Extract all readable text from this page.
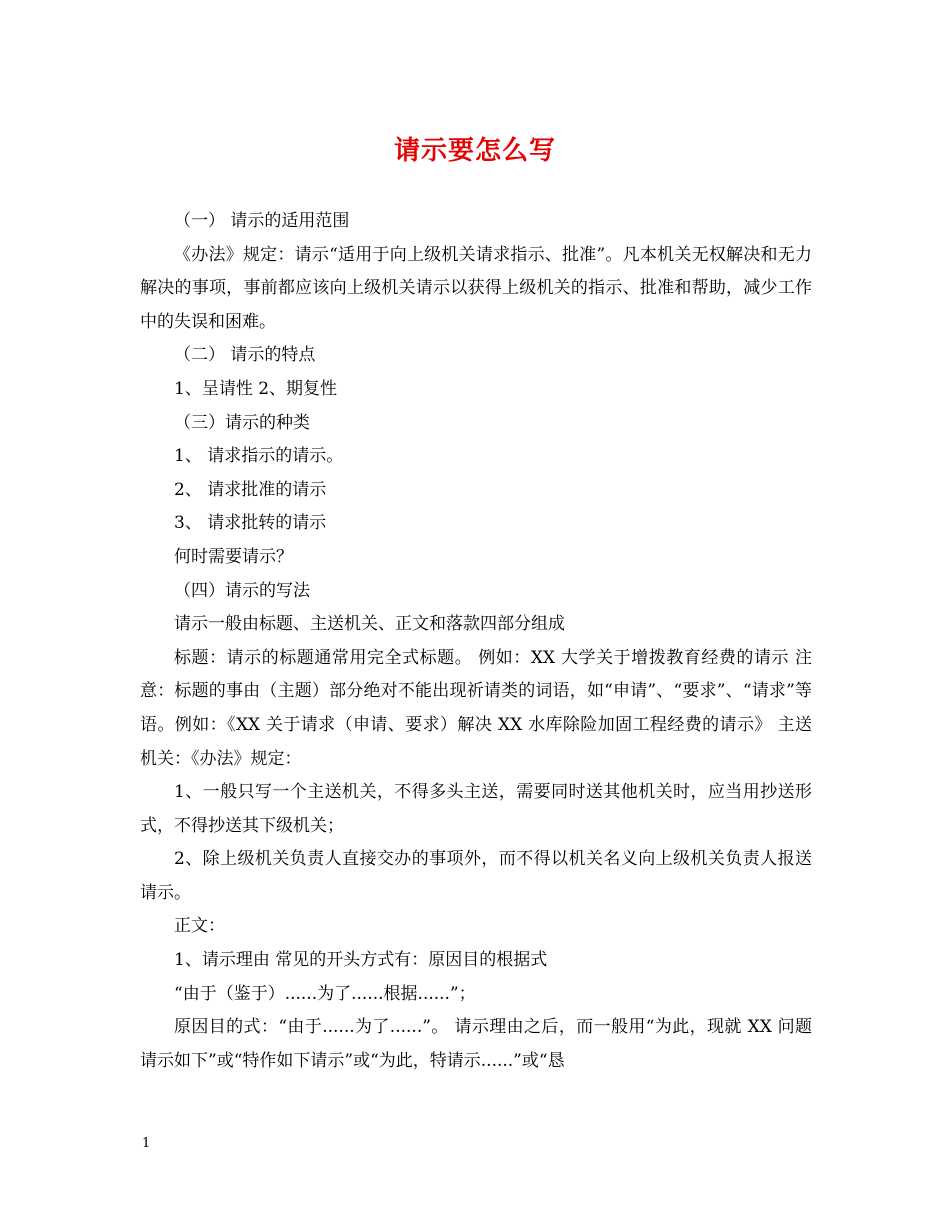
请示要怎么写

（一） 请示的适用范围

《办法》规定：请示“适用于向上级机关请求指示、批准”。凡本机关无权解决和无力解决的事项，事前都应该向上级机关请示以获得上级机关的指示、批准和帮助，减少工作中的失误和困难。

（二） 请示的特点

1、呈请性 2、期复性

（三）请示的种类

1、 请求指示的请示。

2、 请求批准的请示

3、 请求批转的请示

何时需要请示？

（四）请示的写法

请示一般由标题、主送机关、正文和落款四部分组成

标题：请示的标题通常用完全式标题。 例如：XX 大学关于增拨教育经费的请示 注意：标题的事由（主题）部分绝对不能出现祈请类的词语，如“申请”、“要求”、“请求”等语。例如：《XX 关于请求（申请、要求）解决 XX 水库除险加固工程经费的请示》 主送机关：《办法》规定：

1、一般只写一个主送机关，不得多头主送，需要同时送其他机关时，应当用抄送形式，不得抄送其下级机关；

2、除上级机关负责人直接交办的事项外，而不得以机关名义向上级机关负责人报送请示。

正文：

1、请示理由 常见的开头方式有：原因目的根据式

“由于（鉴于）......为了......根据......”；

原因目的式：“由于......为了......”。 请示理由之后，而一般用“为此，现就 XX 问题请示如下”或“特作如下请示”或“为此，特请示......”或“恳

1
